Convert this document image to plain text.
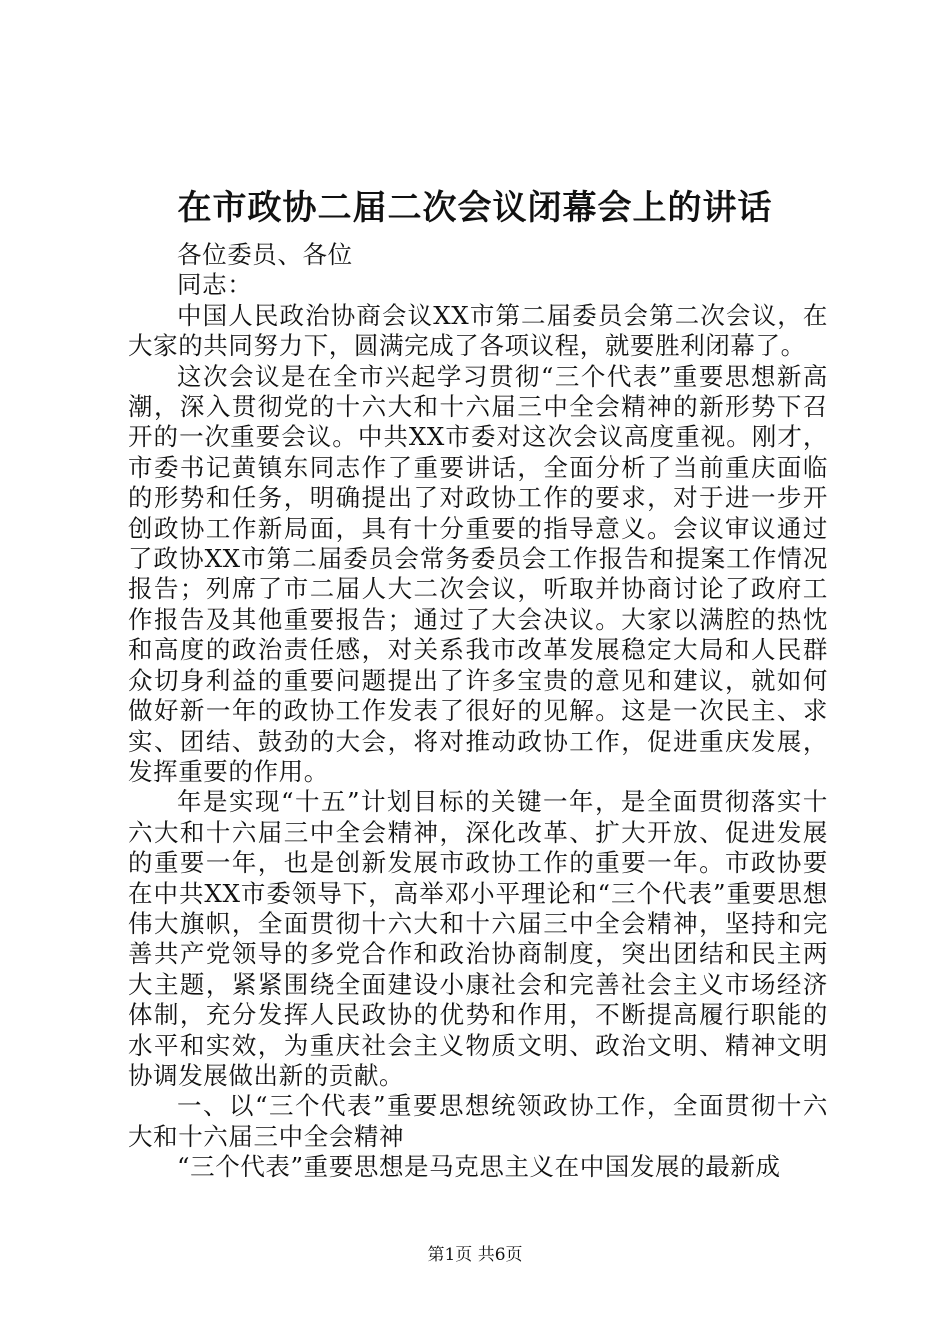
在市政协二届二次会议闭幕会上的讲话

各位委员、各位

同志：

中国人民政治协商会议XX市第二届委员会第二次会议，在大家的共同努力下，圆满完成了各项议程，就要胜利闭幕了。

这次会议是在全市兴起学习贯彻“三个代表”重要思想新高潮，深入贯彻党的十六大和十六届三中全会精神的新形势下召开的一次重要会议。中共XX市委对这次会议高度重视。刚才，市委书记黄镇东同志作了重要讲话，全面分析了当前重庆面临的形势和任务，明确提出了对政协工作的要求，对于进一步开创政协工作新局面，具有十分重要的指导意义。会议审议通过了政协XX市第二届委员会常务委员会工作报告和提案工作情况报告；列席了市二届人大二次会议，听取并协商讨论了政府工作报告及其他重要报告；通过了大会决议。大家以满腔的热忱和高度的政治责任感，对关系我市改革发展稳定大局和人民群众切身利益的重要问题提出了许多宝贵的意见和建议，就如何做好新一年的政协工作发表了很好的见解。这是一次民主、求实、团结、鼓劲的大会，将对推动政协工作，促进重庆发展，发挥重要的作用。

年是实现“十五”计划目标的关键一年，是全面贯彻落实十六大和十六届三中全会精神，深化改革、扩大开放、促进发展的重要一年，也是创新发展市政协工作的重要一年。市政协要在中共XX市委领导下，高举邓小平理论和“三个代表”重要思想伟大旗帜，全面贯彻十六大和十六届三中全会精神，坚持和完善共产党领导的多党合作和政治协商制度，突出团结和民主两大主题，紧紧围绕全面建设小康社会和完善社会主义市场经济体制，充分发挥人民政协的优势和作用，不断提高履行职能的水平和实效，为重庆社会主义物质文明、政治文明、精神文明协调发展做出新的贡献。

一、以“三个代表”重要思想统领政协工作，全面贯彻十六大和十六届三中全会精神

“三个代表”重要思想是马克思主义在中国发展的最新成

第1页 共6页
